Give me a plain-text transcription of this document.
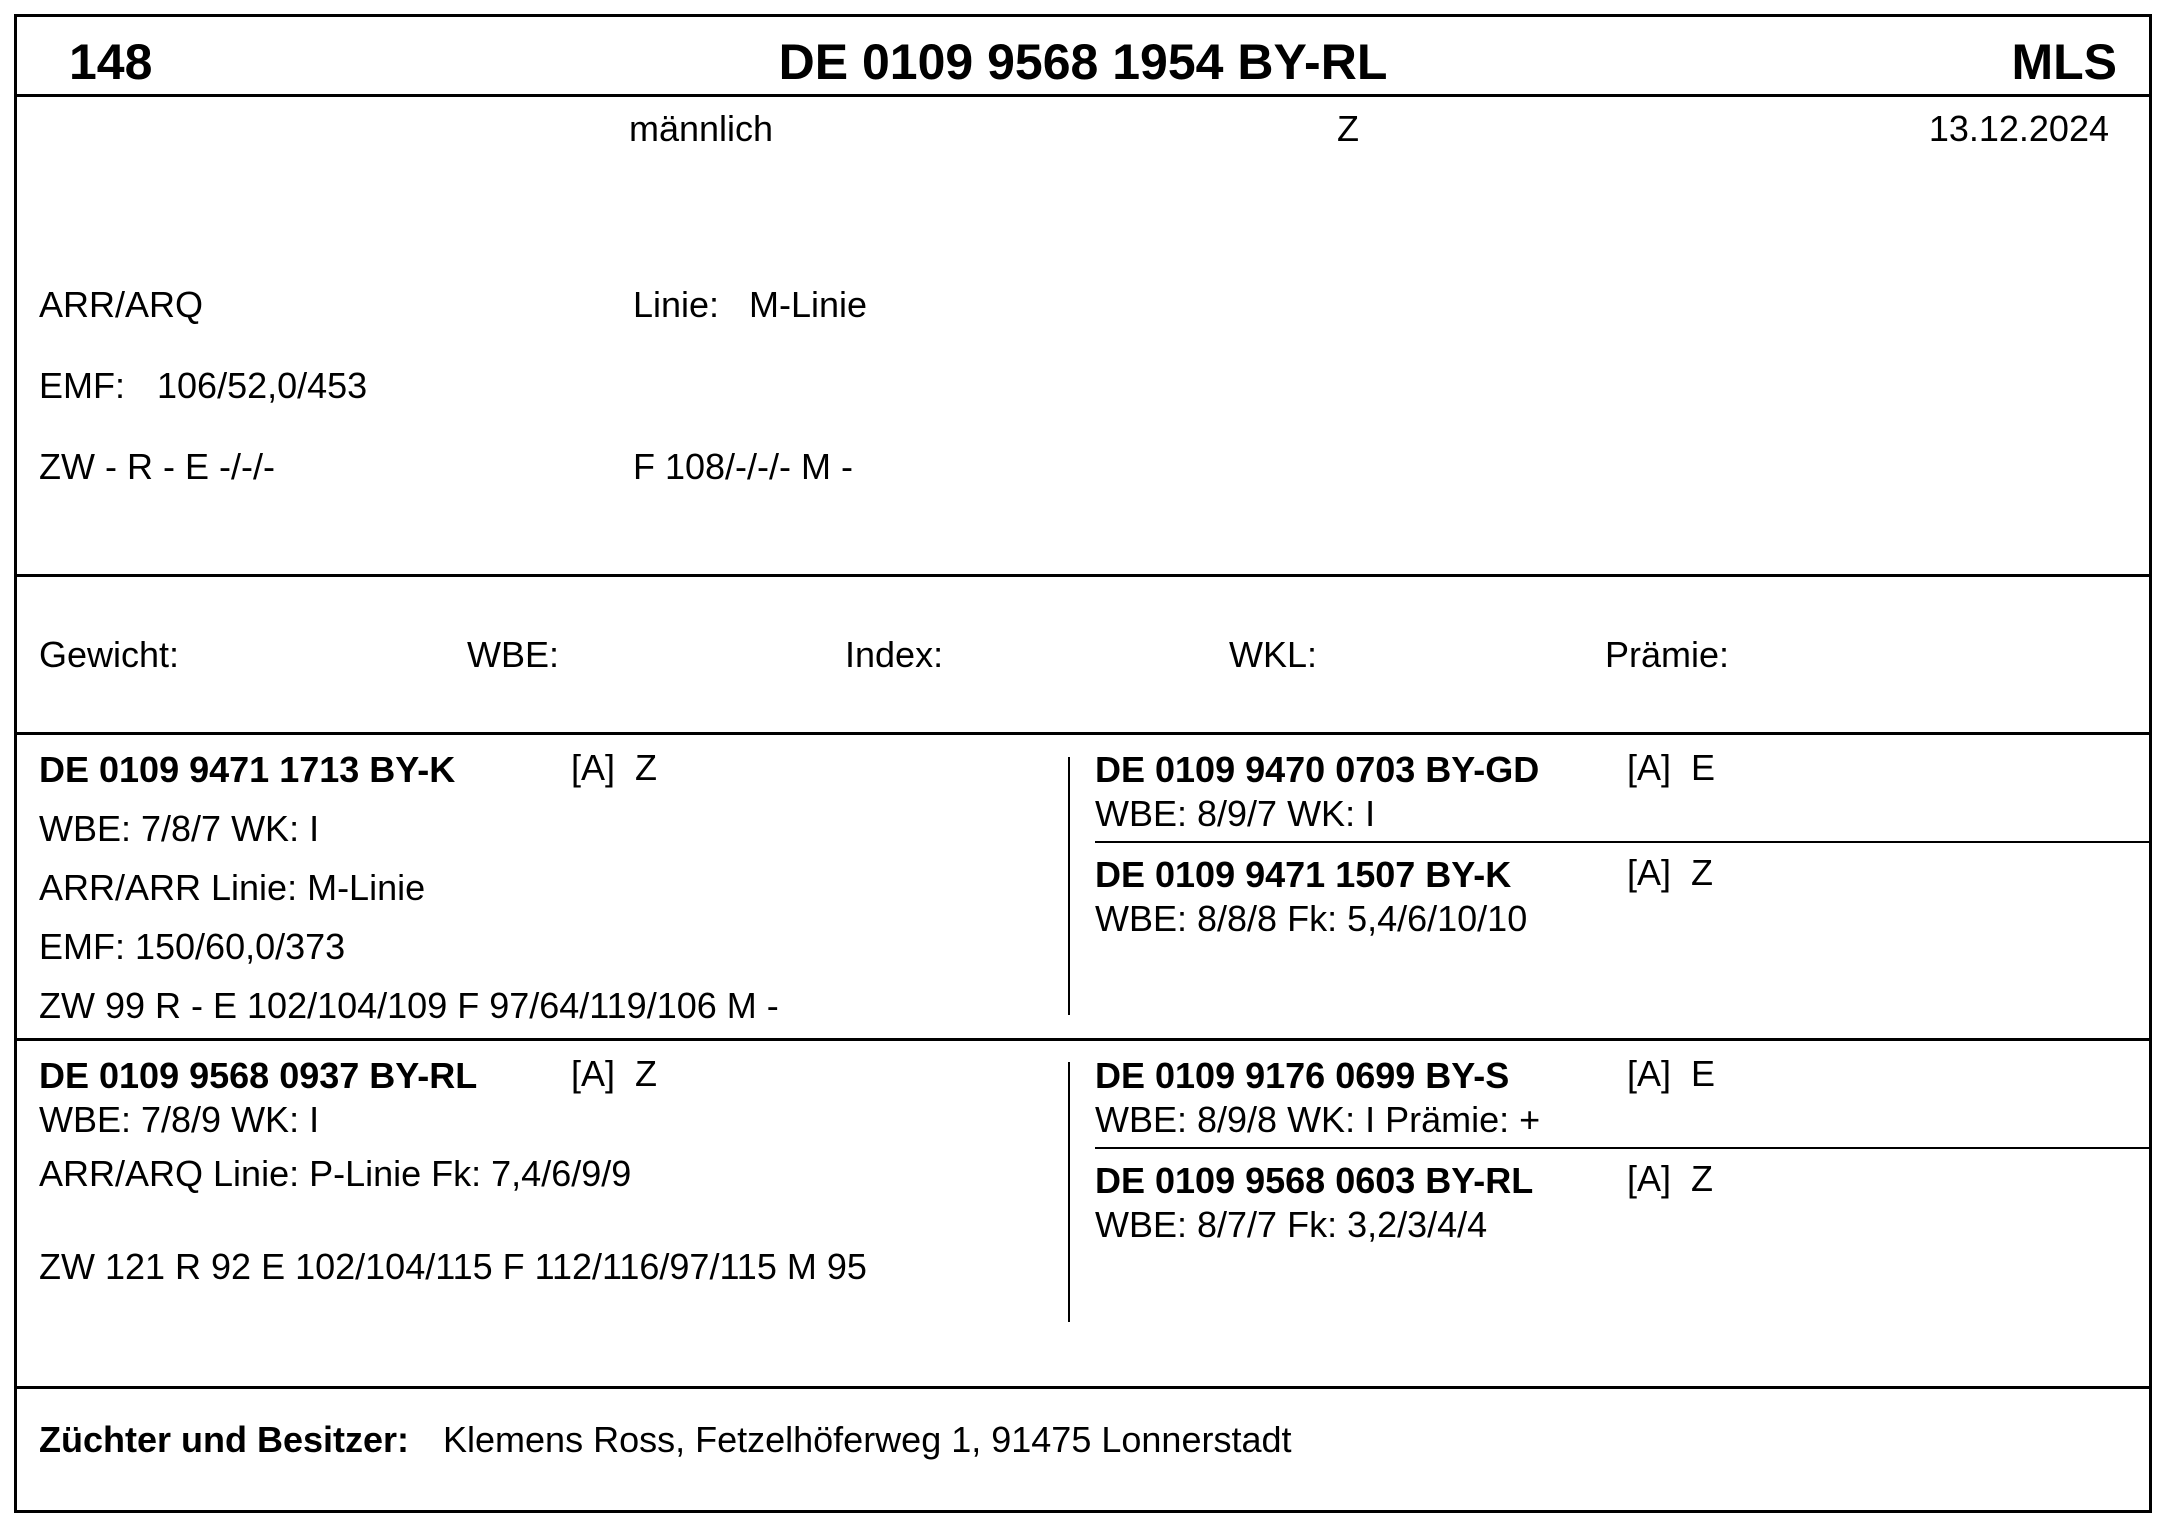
148	DE 0109 9568 1954 BY-RL	MLS
männlich	Z	13.12.2024
ARR/ARQ	Linie: M-Linie
EMF: 106/52,0/453
ZW - R - E -/-/-	F 108/-/-/- M -
Gewicht:	WBE:	Index:	WKL:	Prämie:
DE 0109 9471 1713 BY-K	[A] Z
WBE: 7/8/7 WK: I
ARR/ARR Linie: M-Linie
EMF: 150/60,0/373
ZW 99 R - E 102/104/109 F 97/64/119/106 M -
DE 0109 9470 0703 BY-GD [A] E
WBE: 8/9/7 WK: I
DE 0109 9471 1507 BY-K	[A] Z
WBE: 8/8/8 Fk: 5,4/6/10/10
DE 0109 9568 0937 BY-RL	[A] Z
WBE: 7/8/9 WK: I
ARR/ARQ Linie: P-Linie Fk: 7,4/6/9/9
ZW 121 R 92 E 102/104/115 F 112/116/97/115 M 95
DE 0109 9176 0699 BY-S	[A] E
WBE: 8/9/8 WK: I Prämie: +
DE 0109 9568 0603 BY-RL	[A] Z
WBE: 8/7/7 Fk: 3,2/3/4/4
Züchter und Besitzer: Klemens Ross, Fetzelhöferweg 1, 91475 Lonnerstadt
